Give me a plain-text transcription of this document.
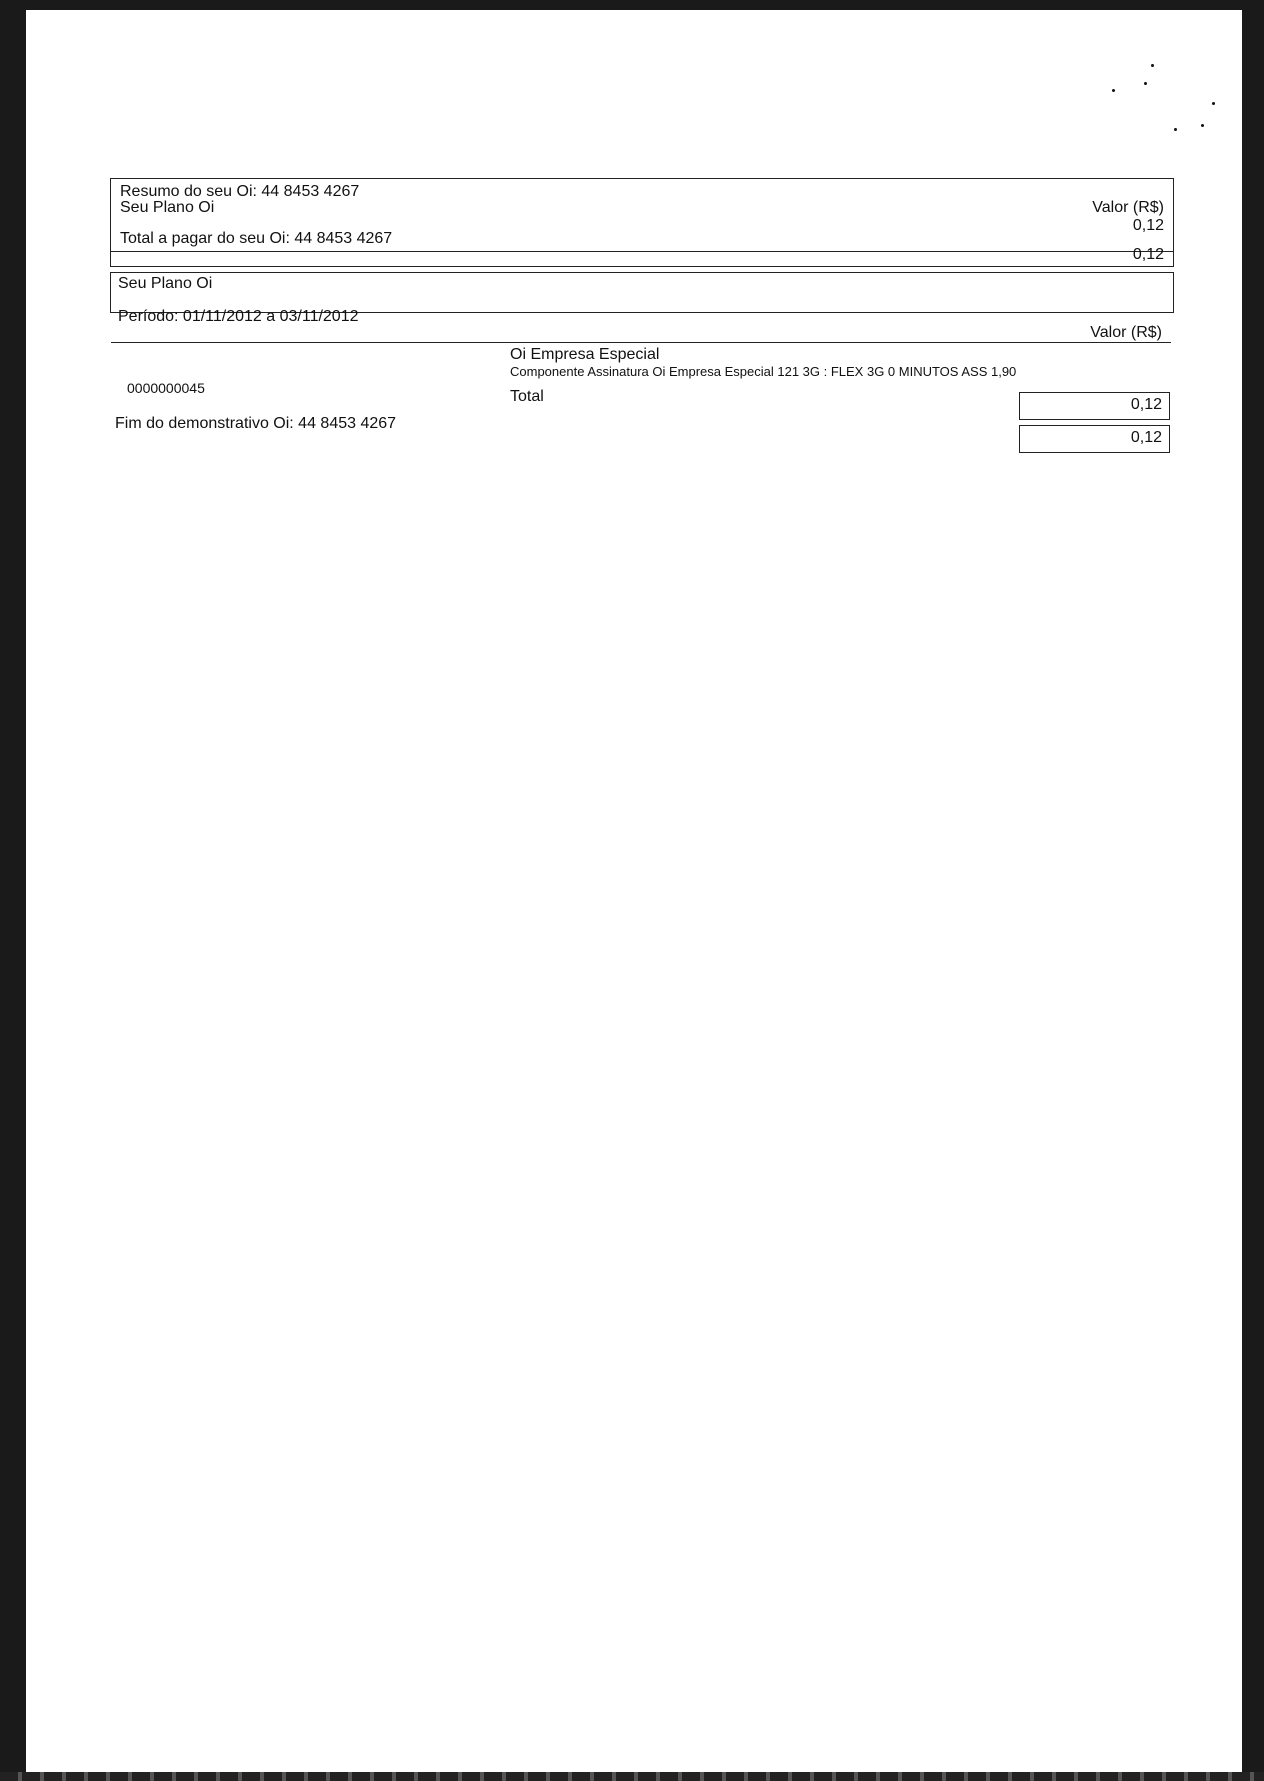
Resumo do seu Oi: 44 8453 4267
Seu Plano Oi	Valor (R$)
0,12
Total a pagar do seu Oi: 44 8453 4267
0,12
Seu Plano Oi
Período: 01/11/2012 a 03/11/2012
Valor (R$)
0000000045
Oi Empresa Especial
Componente Assinatura Oi Empresa Especial 121 3G : FLEX 3G 0 MINUTOS ASS 1,90
Total	0,12
Fim do demonstrativo Oi: 44 8453 4267
0,12
